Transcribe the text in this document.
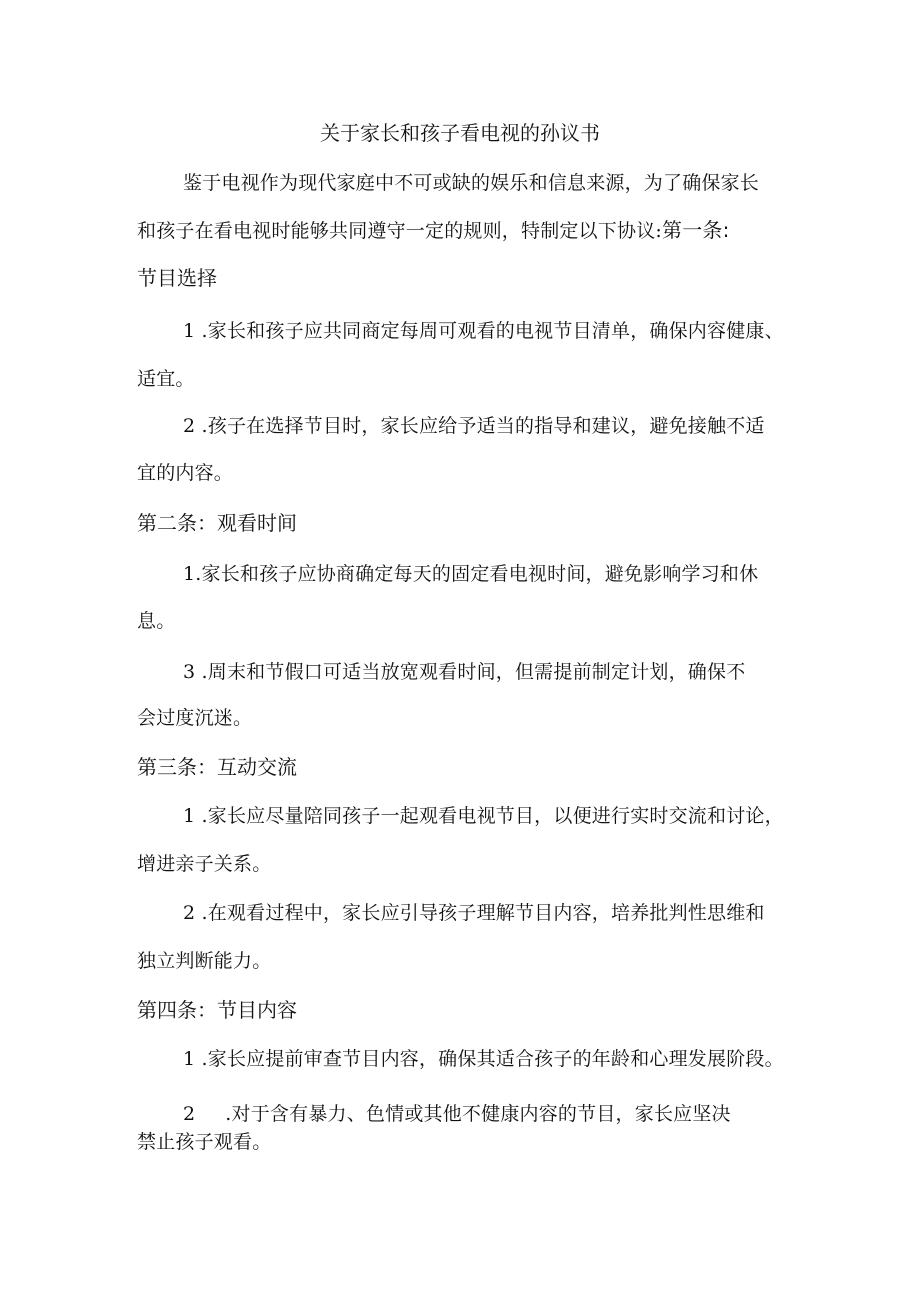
关于家长和孩子看电视的孙议书
鉴于电视作为现代家庭中不可或缺的娱乐和信息来源，为了确保家长
和孩子在看电视时能够共同遵守一定的规则，特制定以下协议:第一条:
节目选择
1 .家长和孩子应共同商定每周可观看的电视节目清单，确保内容健康、
适宜。
2 .孩子在选择节目时，家长应给予适当的指导和建议，避免接触不适
宜的内容。
第二条：观看时间
1.家长和孩子应协商确定每天的固定看电视时间，避免影响学习和休
息。
3 .周末和节假口可适当放宽观看时间，但需提前制定计划，确保不
会过度沉迷。
第三条：互动交流
1 .家长应尽量陪同孩子一起观看电视节目，以便进行实时交流和讨论，
增进亲子关系。
2 .在观看过程中，家长应引导孩子理解节目内容，培养批判性思维和
独立判断能力。
第四条：节目内容
1 .家长应提前审查节目内容，确保其适合孩子的年龄和心理发展阶段。
2 .对于含有暴力、色情或其他不健康内容的节目，家长应坚决
禁止孩子观看。
